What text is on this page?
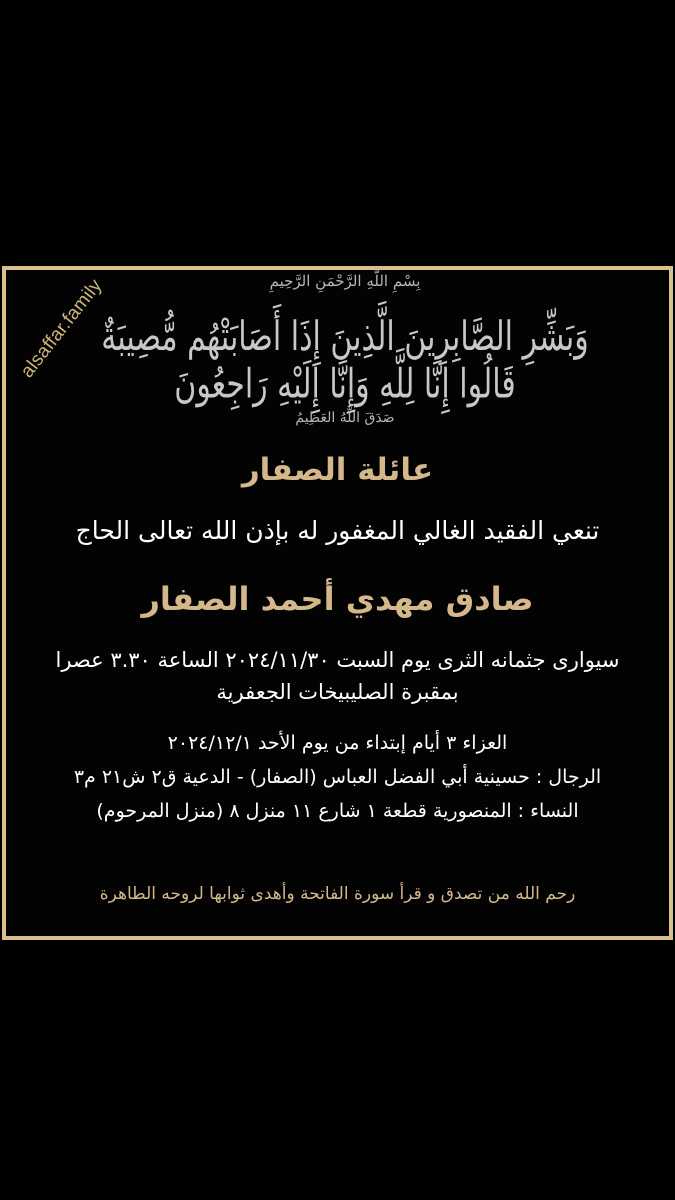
alsaffar.family	بِسْمِ اللَّهِ الرَّحْمَنِ الرَّحِيمِ
وَبَشِّرِ الصَّابِرِينَ الَّذِينَ إِذَا أَصَابَتْهُم مُّصِيبَةٌ قَالُوا إِنَّا لِلَّهِ وَإِنَّا إِلَيْهِ رَاجِعُونَ
صَدَقَ اللَّهُ العَظِيمُ
عائلة الصفار
تنعي الفقيد الغالي المغفور له بإذن الله تعالى الحاج
صادق مهدي أحمد الصفار
سيوارى جثمانه الثرى يوم السبت ٢٠٢٤/١١/٣٠ الساعة ٣.٣٠ عصرا
بمقبرة الصليبيخات الجعفرية
العزاء ٣ أيام إبتداء من يوم الأحد ٢٠٢٤/١٢/١
الرجال : حسينية أبي الفضل العباس (الصفار) - الدعية ق٢ ش٢١ م٣
النساء : المنصورية قطعة ١ شارع ١١ منزل ٨ (منزل المرحوم)
رحم الله من تصدق و قرأ سورة الفاتحة وأهدى ثوابها لروحه الطاهرة
